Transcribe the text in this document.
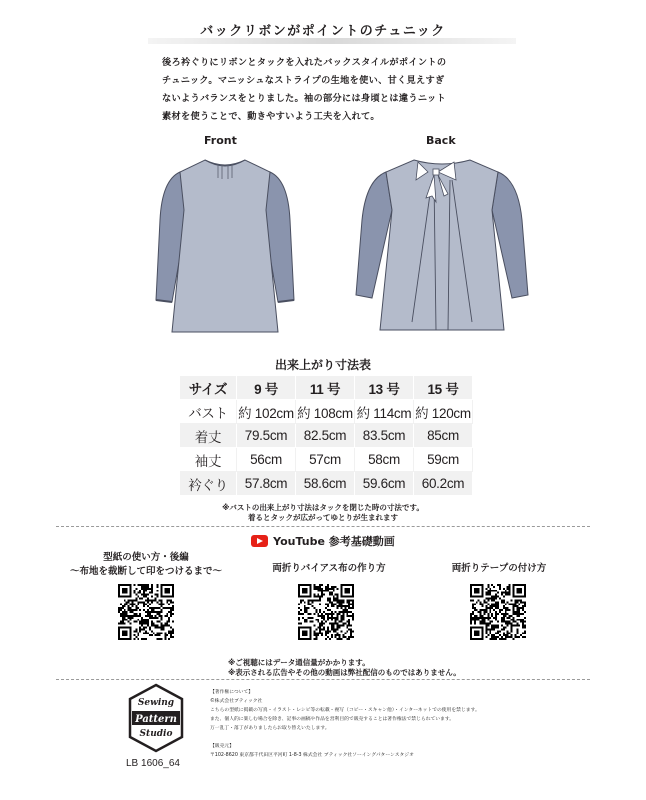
バックリボンがポイントのチュニック
後ろ衿ぐりにリボンとタックを入れたバックスタイルがポイントの
チュニック。マニッシュなストライプの生地を使い、甘く見えすぎ
ないようバランスをとりました。袖の部分には身頃とは違うニット
素材を使うことで、動きやすいよう工夫を入れて。
Front	Back
出来上がり寸法表
サイズ	9 号	11 号	13 号	15 号
バスト	約 102cm	約 108cm	約 114cm	約 120cm
着丈	79.5cm	82.5cm	83.5cm	85cm
袖丈	56cm	57cm	58cm	59cm
衿ぐり	57.8cm	58.6cm	59.6cm	60.2cm
※バストの出来上がり寸法はタックを閉じた時の寸法です。
着るとタックが広がってゆとりが生まれます
YouTube 参考基礎動画
型紙の使い方・後編
～布地を裁断して印をつけるまで～	両折りバイアス布の作り方	両折りテープの付け方
※ご視聴にはデータ通信量がかかります。
※表示される広告やその他の動画は弊社配信のものではありません。
Sewing
Pattern
Studio
LB 1606_64
【著作権について】
©株式会社ブティック社
こちらの型紙に掲載の写真・イラスト・レシピ等の転載・複写（コピー・スキャン他）・インターネットでの使用を禁じます。
また、個人的に楽しむ場合を除き、記事の画稿や作品を営利目的で販売することは著作権法で禁じられています。
万一乱丁・落丁がありましたらお取り替えいたします。
【販売元】
〒102-8620 東京都千代田区平河町 1-8-3 株式会社 ブティック社ソーイングパターンスタジオ
